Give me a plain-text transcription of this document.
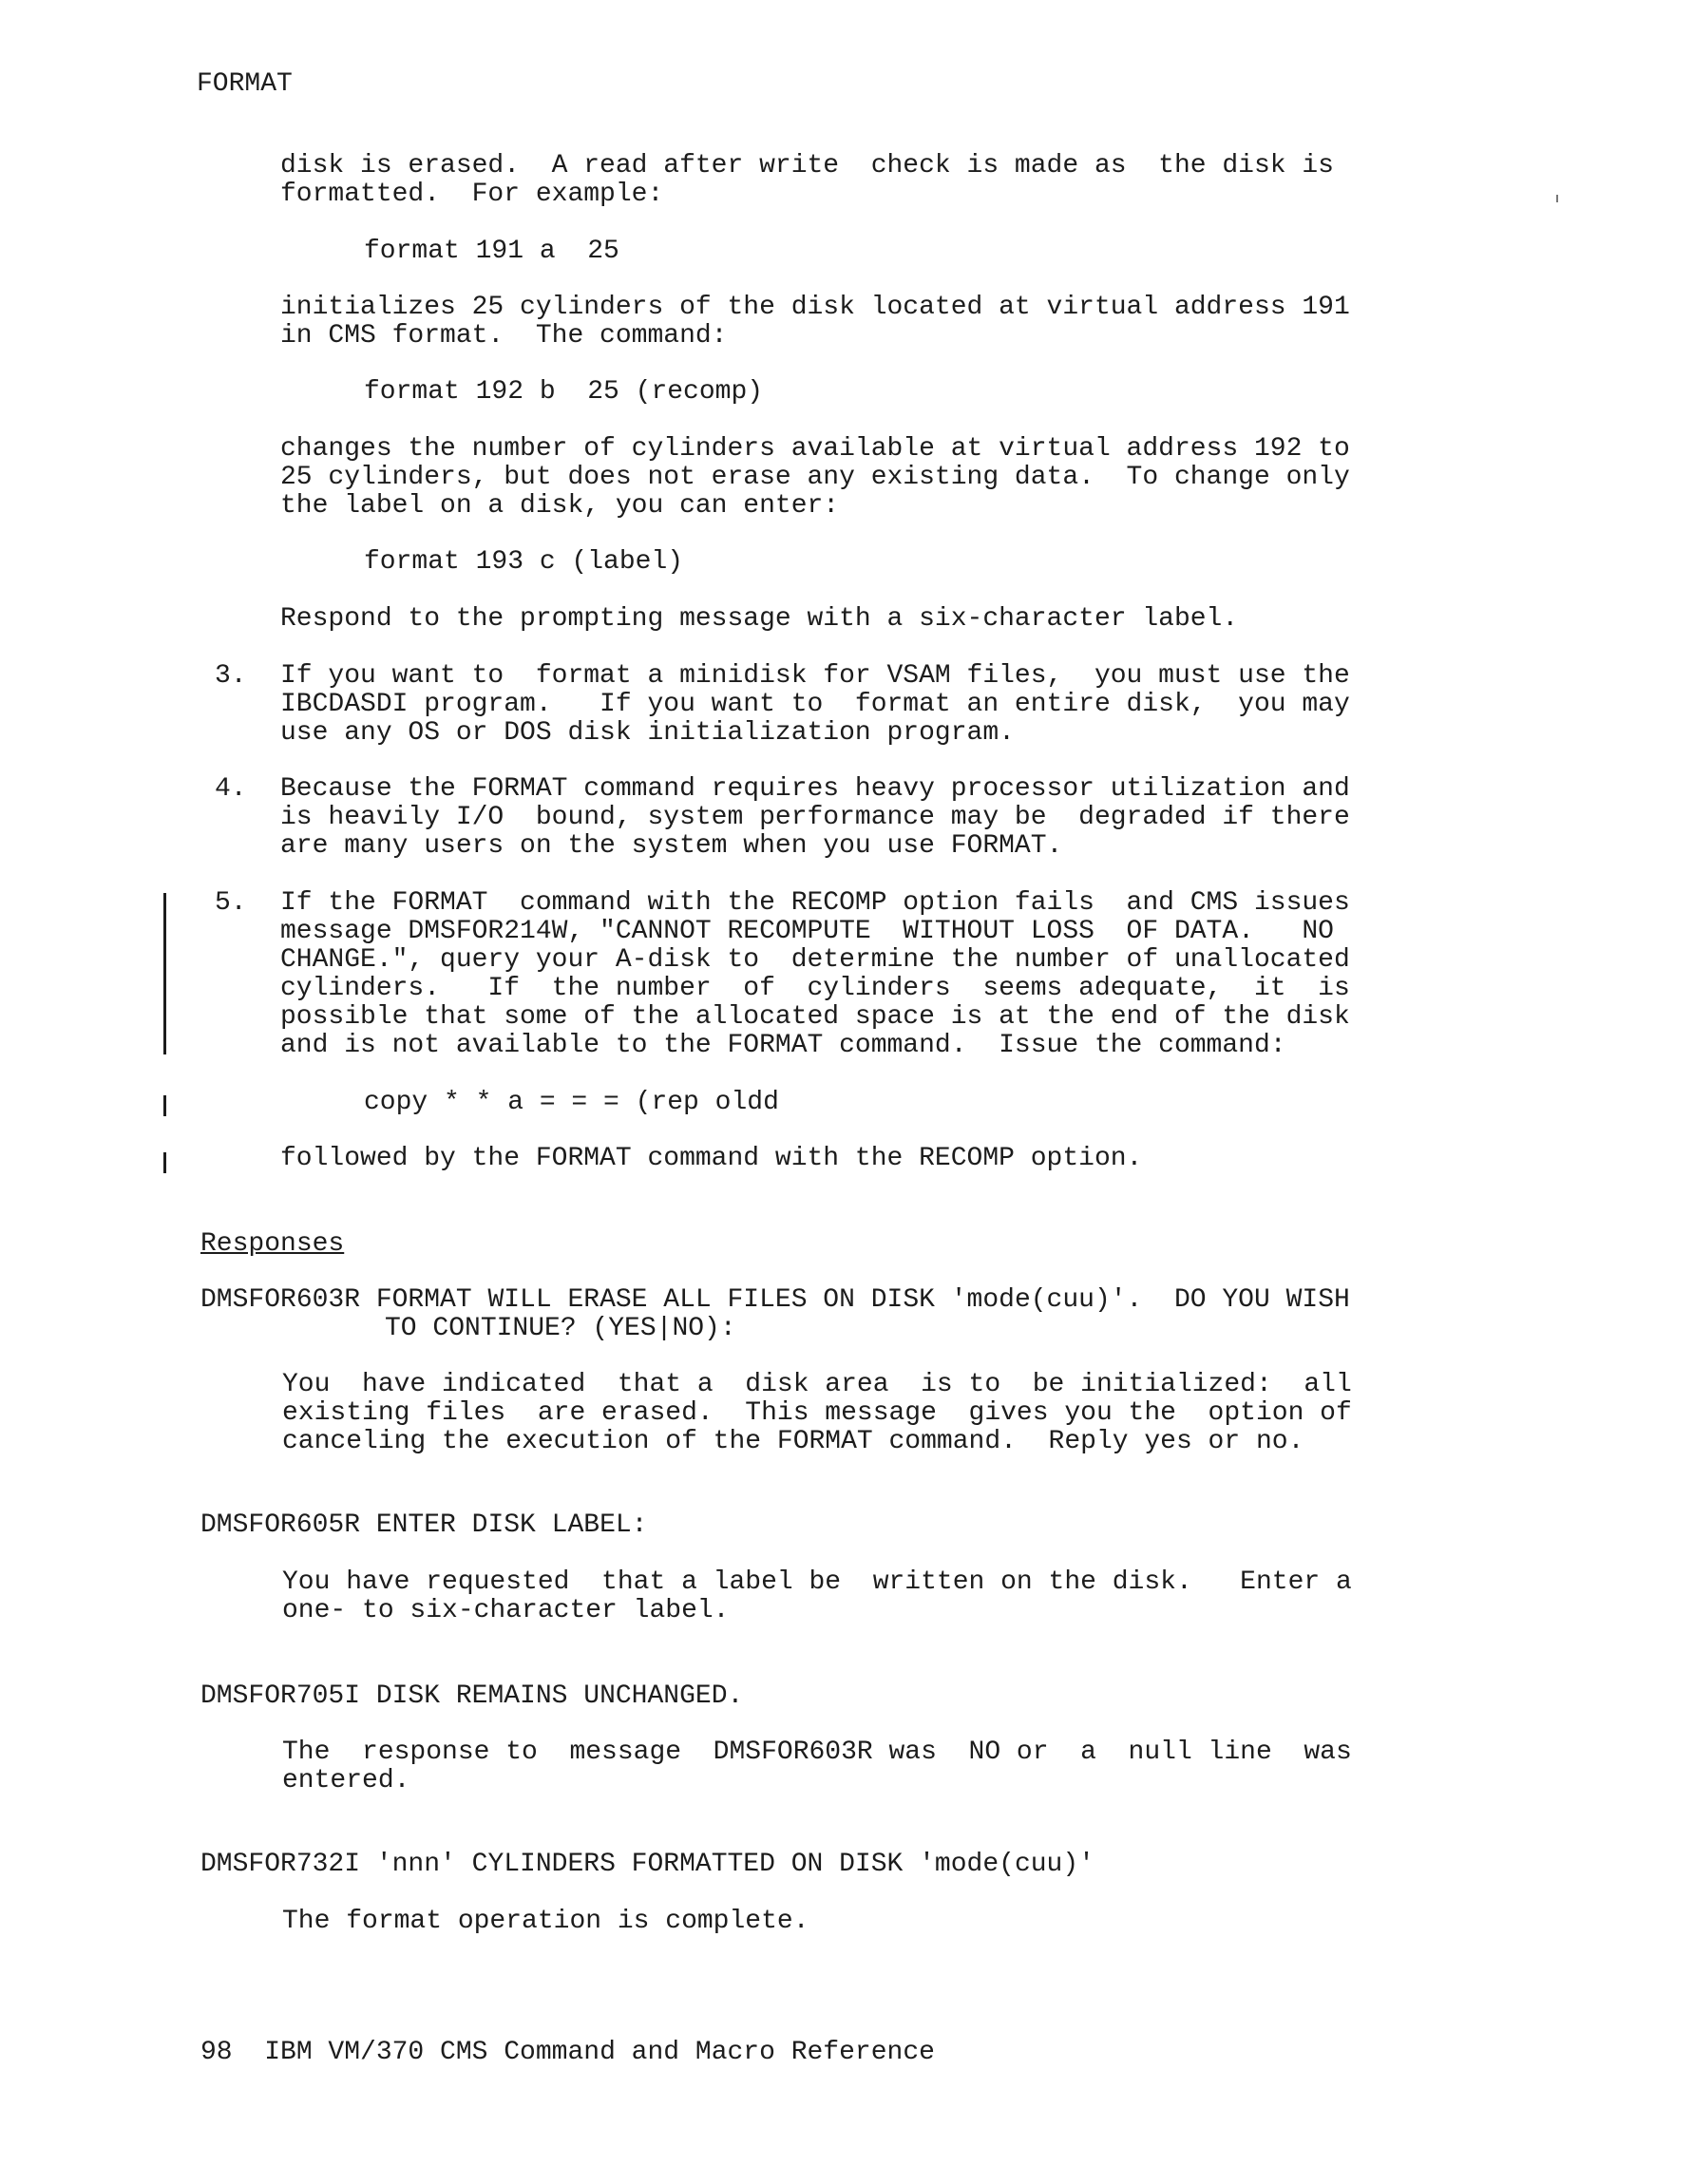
FORMAT
disk is erased.  A read after write  check is made as  the disk is
formatted.  For example:
format 191 a  25
initializes 25 cylinders of the disk located at virtual address 191
in CMS format.  The command:
format 192 b  25 (recomp)
changes the number of cylinders available at virtual address 192 to
25 cylinders, but does not erase any existing data.  To change only
the label on a disk, you can enter:
format 193 c (label)
Respond to the prompting message with a six-character label.
3. If you want to  format a minidisk for VSAM files,  you must use the
IBCDASDI program.   If you want to  format an entire disk,  you may
use any OS or DOS disk initialization program.
4. Because the FORMAT command requires heavy processor utilization and
is heavily I/O  bound, system performance may be  degraded if there
are many users on the system when you use FORMAT.
5. If the FORMAT  command with the RECOMP option fails  and CMS issues
message DMSFOR214W, "CANNOT RECOMPUTE  WITHOUT LOSS  OF DATA.   NO
CHANGE.", query your A-disk to  determine the number of unallocated
cylinders.   If  the number  of  cylinders  seems adequate,  it  is
possible that some of the allocated space is at the end of the disk
and is not available to the FORMAT command.  Issue the command:
copy * * a = = = (rep oldd
followed by the FORMAT command with the RECOMP option.
Responses
DMSFOR603R FORMAT WILL ERASE ALL FILES ON DISK 'mode(cuu)'.  DO YOU WISH
TO CONTINUE? (YES|NO):
You  have indicated  that a  disk area  is to  be initialized:  all
existing files  are erased.  This message  gives you the  option of
canceling the execution of the FORMAT command.  Reply yes or no.
DMSFOR605R ENTER DISK LABEL:
You have requested  that a label be  written on the disk.   Enter a
one- to six-character label.
DMSFOR705I DISK REMAINS UNCHANGED.
The  response to  message  DMSFOR603R was  NO or  a  null line  was
entered.
DMSFOR732I 'nnn' CYLINDERS FORMATTED ON DISK 'mode(cuu)'
The format operation is complete.
98  IBM VM/370 CMS Command and Macro Reference
